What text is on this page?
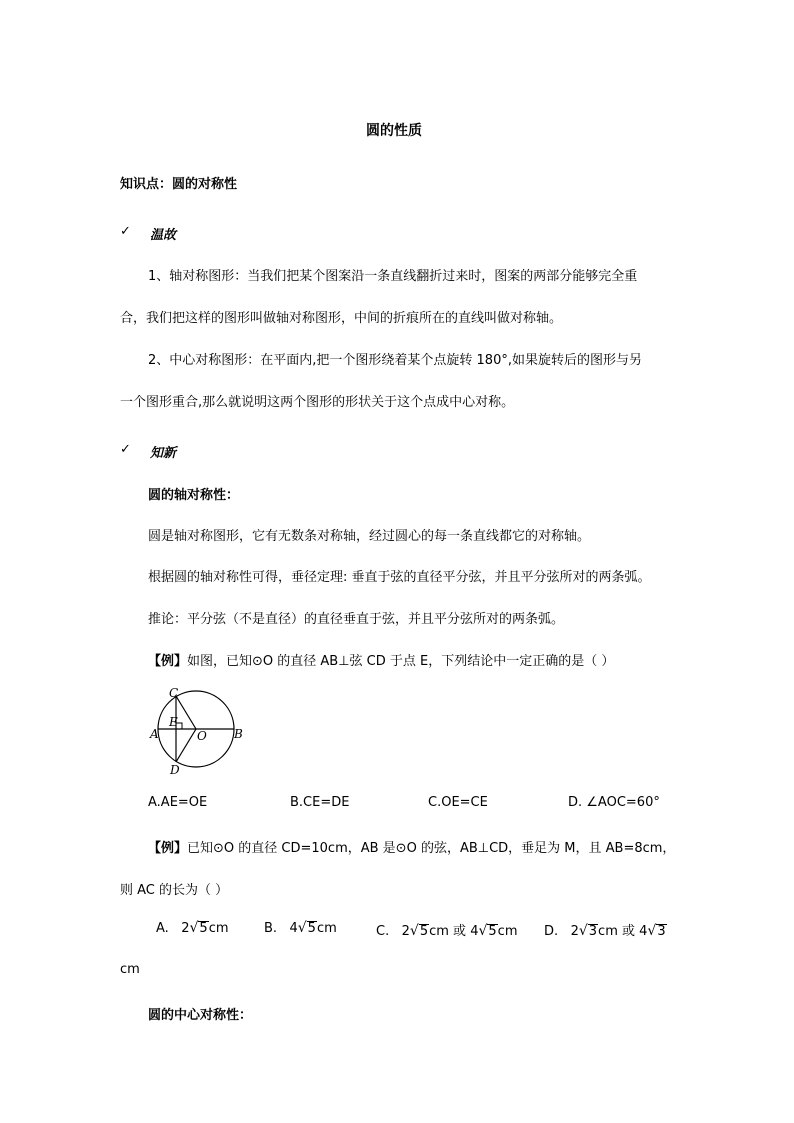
圆的性质
知识点：圆的对称性
✓ 温故
1、轴对称图形：当我们把某个图案沿一条直线翻折过来时，图案的两部分能够完全重
合，我们把这样的图形叫做轴对称图形，中间的折痕所在的直线叫做对称轴。
2、中心对称图形：在平面内,把一个图形绕着某个点旋转 180°,如果旋转后的图形与另
一个图形重合,那么就说明这两个图形的形状关于这个点成中心对称。
✓ 知新
圆的轴对称性：
圆是轴对称图形，它有无数条对称轴，经过圆心的每一条直线都它的对称轴。
根据圆的轴对称性可得，垂径定理: 垂直于弦的直径平分弦，并且平分弦所对的两条弧。
推论：平分弦（不是直径）的直径垂直于弦，并且平分弦所对的两条弧。
【例】如图，已知⊙O 的直径 AB⊥弦 CD 于点 E，下列结论中一定正确的是（ ）
C
E
A	O B
D
A.AE=OE	B.CE=DE	C.OE=CE	D. ∠AOC=60°
【例】已知⊙O 的直径 CD=10cm，AB 是⊙O 的弦，AB⊥CD，垂足为 M，且 AB=8cm，
则 AC 的长为（ ）
A. 2√5cm	B. 4√5cm	C. 2√5cm 或 4√5cm D. 2√3cm 或 4√3
cm
圆的中心对称性：
